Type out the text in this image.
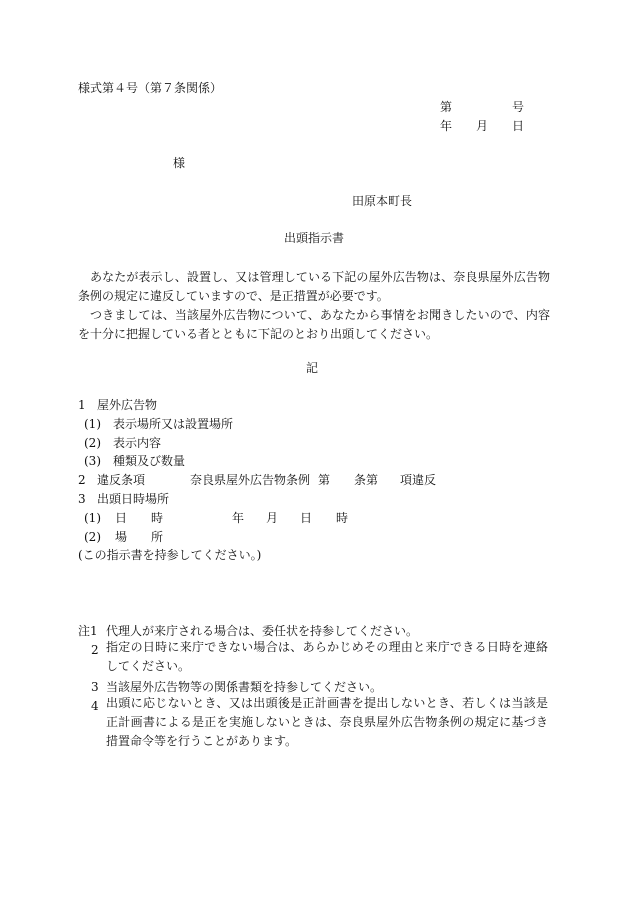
様式第４号（第７条関係）
第	号
年 月 日
様
田原本町長
出頭指示書
あなたが表示し、設置し、又は管理している下記の屋外広告物は、奈良県屋外広告物条例の規定に違反していますので、是正措置が必要です。
つきましては、当該屋外広告物について、あなたから事情をお聞きしたいので、内容を十分に把握している者とともに下記のとおり出頭してください。
記
1 屋外広告物
(1) 表示場所又は設置場所
(2) 表示内容
(3) 種類及び数量
2 違反条項	奈良県屋外広告物条例 第 条第 項違反
3 出頭日時場所
(1) 日　　時	年 月 日 時
(2) 場　　所
(この指示書を持参してください。)
注1 代理人が来庁される場合は、委任状を持参してください。
2 指定の日時に来庁できない場合は、あらかじめその理由と来庁できる日時を連絡してください。
3 当該屋外広告物等の関係書類を持参してください。
4 出頭に応じないとき、又は出頭後是正計画書を提出しないとき、若しくは当該是正計画書による是正を実施しないときは、奈良県屋外広告物条例の規定に基づき措置命令等を行うことがあります。
